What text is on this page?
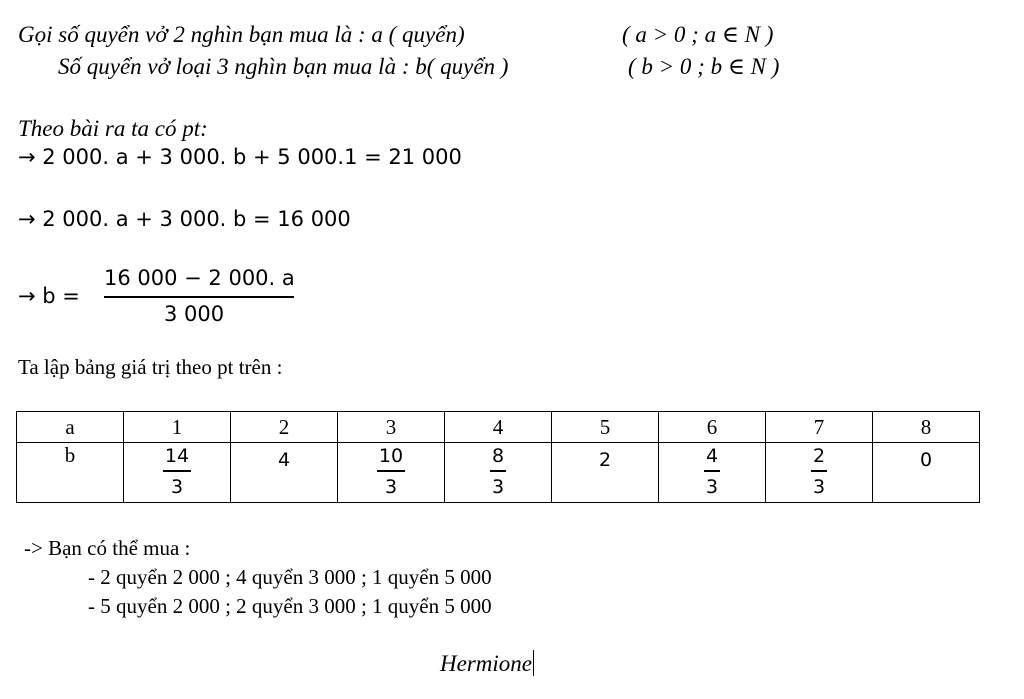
Gọi số quyển vở 2 nghìn bạn mua là : a ( quyển)	( a > 0 ; a ∈ N )
Số quyển vở loại 3 nghìn bạn mua là : b( quyển )	( b > 0 ; b ∈ N )
Theo bài ra ta có pt:
→ 2 000. a + 3 000. b + 5 000.1 = 21 000
→ 2 000. a + 3 000. b = 16 000
→ b =
16 000 − 2 000. a
3 000
Ta lập bảng giá trị theo pt trên :
a	1	2	3	4	5	6	7	8
b	$\frac{14}{3}$	4	$\frac{10}{3}$	$\frac{8}{3}$	2	$\frac{4}{3}$	$\frac{2}{3}$	0
-> Bạn có thể mua :
- 2 quyển 2 000 ; 4 quyển 3 000 ; 1 quyển 5 000
- 5 quyển 2 000 ; 2 quyển 3 000 ; 1 quyển 5 000
Hermione
